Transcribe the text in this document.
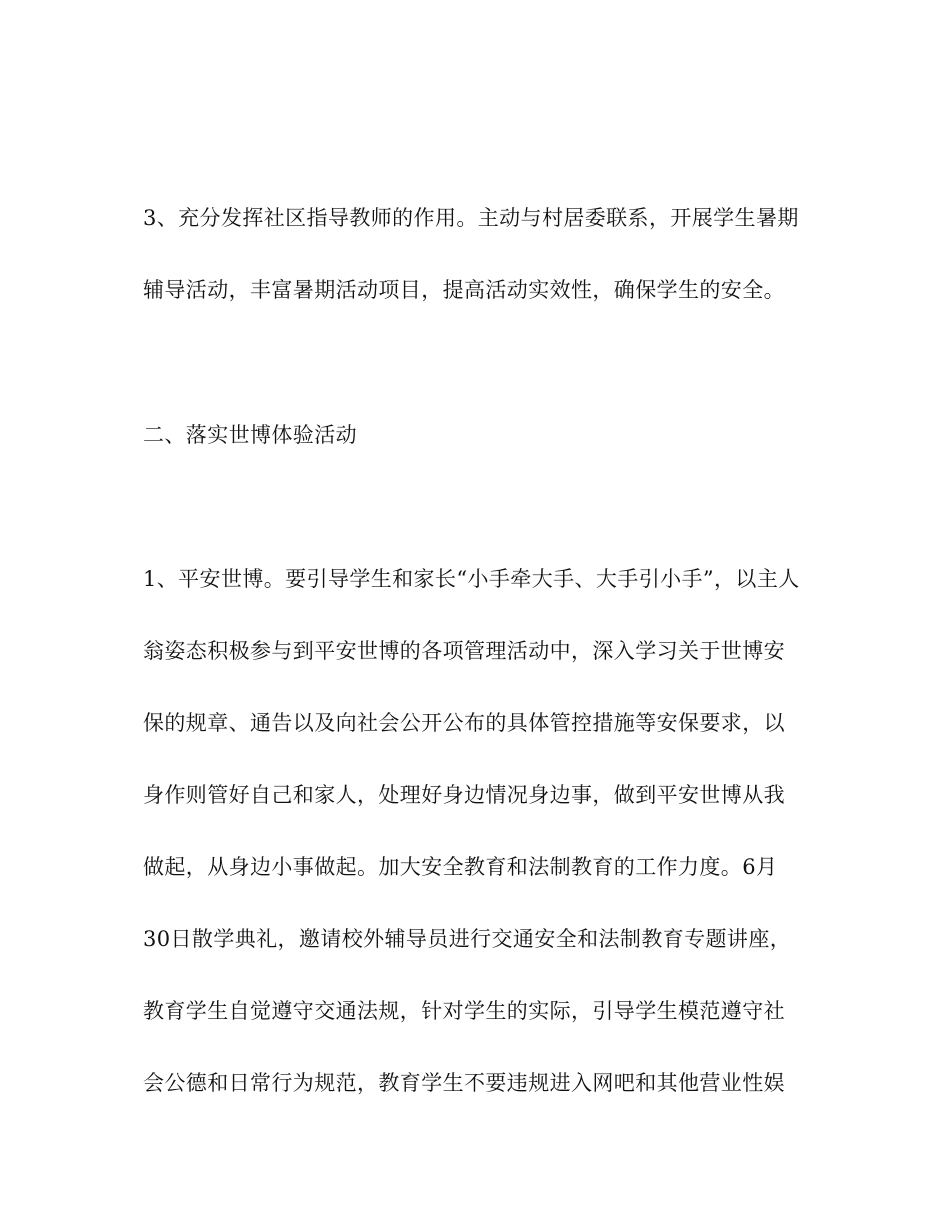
3、充分发挥社区指导教师的作用。主动与村居委联系，开展学生暑期
辅导活动，丰富暑期活动项目，提高活动实效性，确保学生的安全。
二、落实世博体验活动
1、平安世博。要引导学生和家长“小手牵大手、大手引小手”，以主人
翁姿态积极参与到平安世博的各项管理活动中，深入学习关于世博安
保的规章、通告以及向社会公开公布的具体管控措施等安保要求，以
身作则管好自己和家人，处理好身边情况身边事，做到平安世博从我
做起，从身边小事做起。加大安全教育和法制教育的工作力度。6月
30日散学典礼，邀请校外辅导员进行交通安全和法制教育专题讲座，
教育学生自觉遵守交通法规，针对学生的实际，引导学生模范遵守社
会公德和日常行为规范，教育学生不要违规进入网吧和其他营业性娱
